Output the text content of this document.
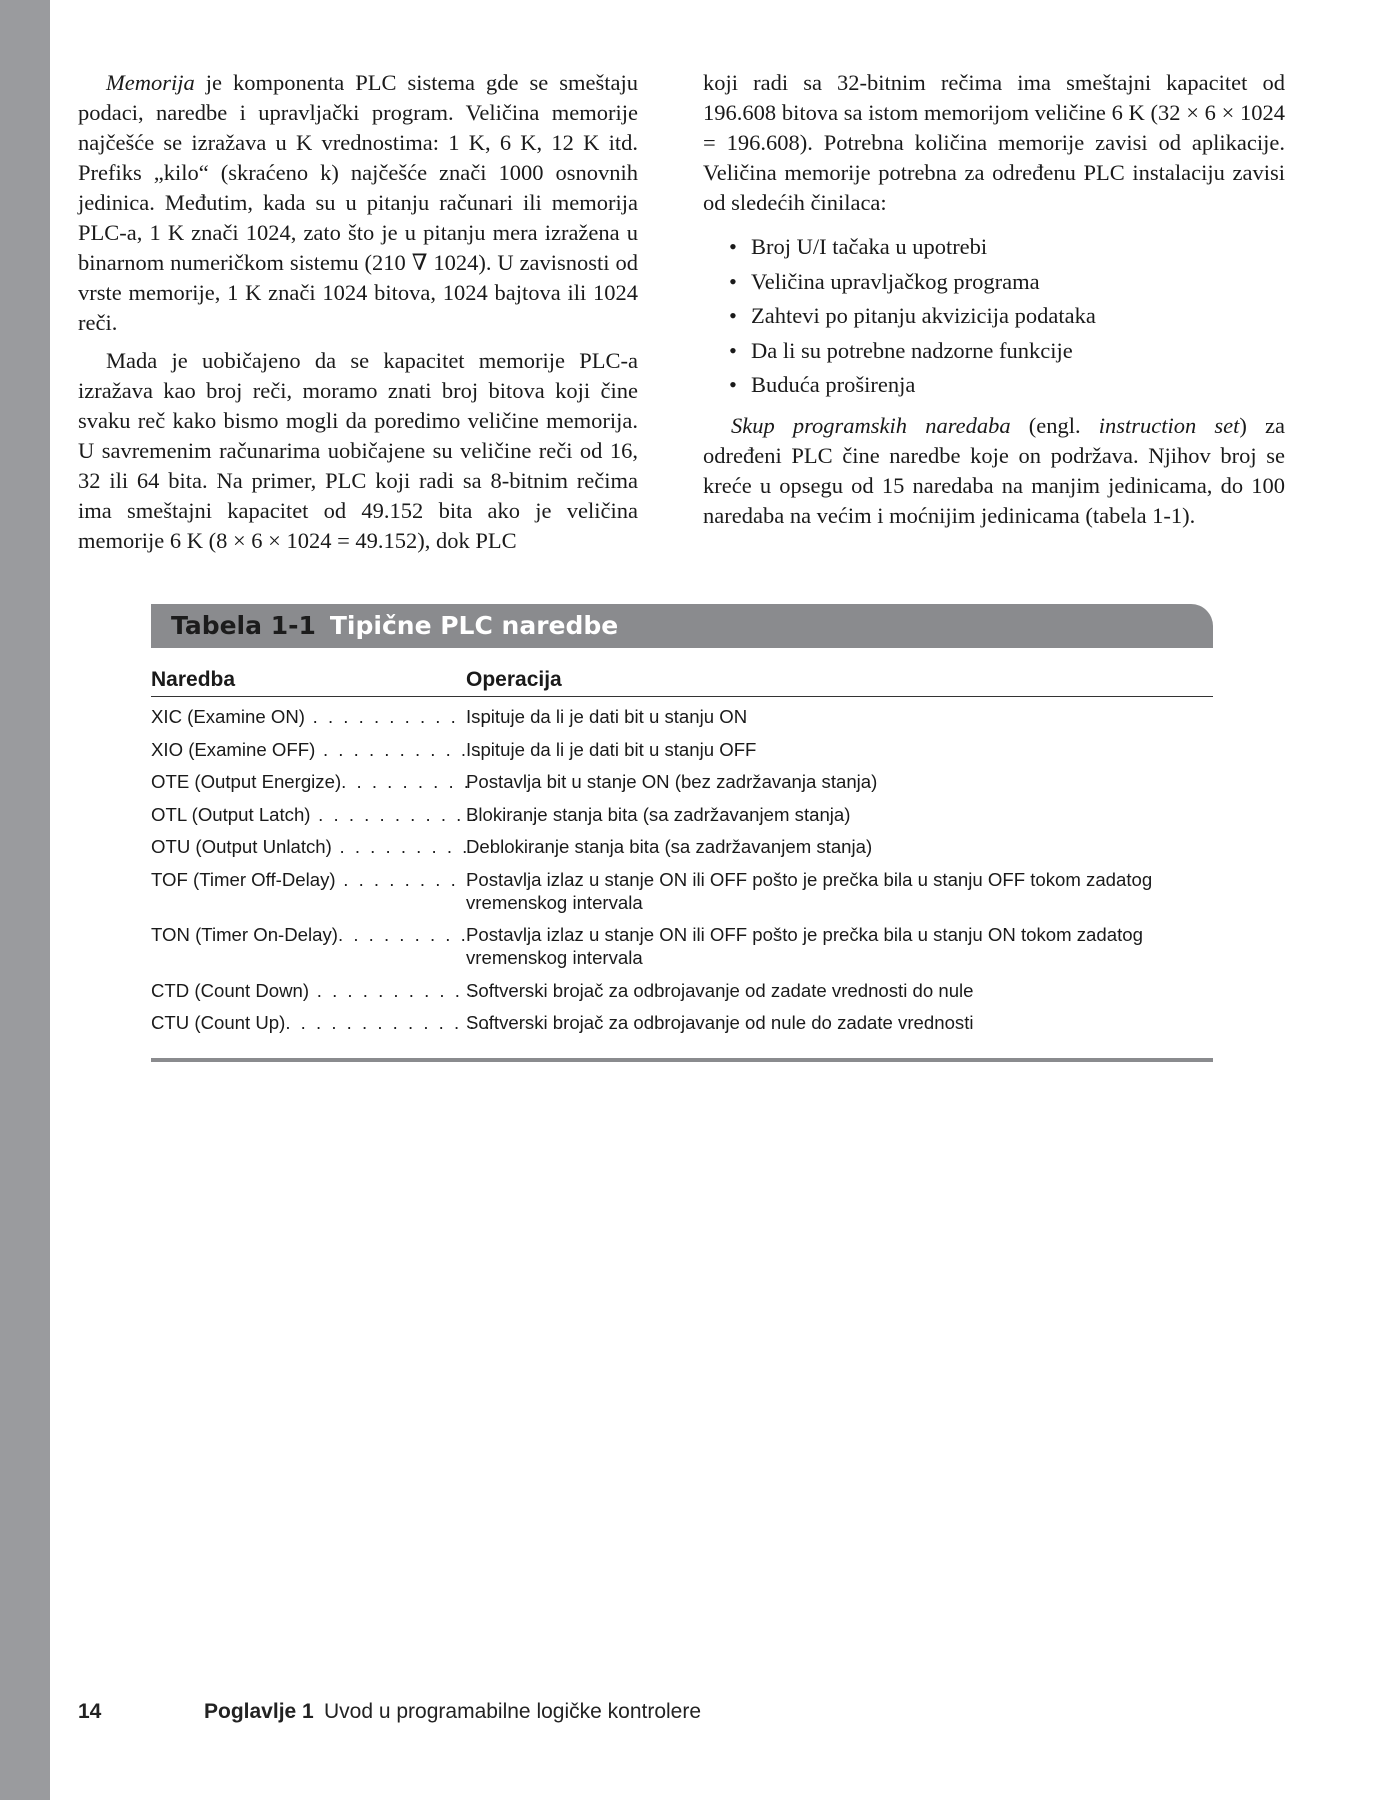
Memorija je komponenta PLC sistema gde se smeštaju podaci, naredbe i upravljački program. Veličina memorije najčešće se izražava u K vrednostima: 1 K, 6 K, 12 K itd. Prefiks „kilo“ (skraćeno k) najčešće znači 1000 osnovnih jedinica. Međutim, kada su u pitanju računari ili memorija PLC-a, 1 K znači 1024, zato što je u pitanju mera izražena u binarnom numeričkom sistemu (210 ∇ 1024). U zavisnosti od vrste memorije, 1 K znači 1024 bitova, 1024 bajtova ili 1024 reči.

Mada je uobičajeno da se kapacitet memorije PLC-a izražava kao broj reči, moramo znati broj bitova koji čine svaku reč kako bismo mogli da poredimo veličine memorija. U savremenim računarima uobičajene su veličine reči od 16, 32 ili 64 bita. Na primer, PLC koji radi sa 8-bitnim rečima ima smeštajni kapacitet od 49.152 bita ako je veličina memorije 6 K (8 × 6 × 1024 = 49.152), dok PLC

koji radi sa 32-bitnim rečima ima smeštajni kapacitet od 196.608 bitova sa istom memorijom veličine 6 K (32 × 6 × 1024 = 196.608). Potrebna količina memorije zavisi od aplikacije. Veličina memorije potrebna za određenu PLC instalaciju zavisi od sledećih činilaca:

• Broj U/I tačaka u upotrebi
• Veličina upravljačkog programa
• Zahtevi po pitanju akvizicija podataka
• Da li su potrebne nadzorne funkcije
• Buduća proširenja

Skup programskih naredaba (engl. instruction set) za određeni PLC čine naredbe koje on podržava. Njihov broj se kreće u opsegu od 15 naredaba na manjim jedinicama, do 100 naredaba na većim i moćnijim jedinicama (tabela 1-1).

Tabela 1-1 Tipične PLC naredbe
Naredba	Operacija
XIC (Examine ON) . . . . . . . . . . . .
Ispituje da li je dati bit u stanju ON
XIO (Examine OFF) . . . . . . . . . . .
Ispituje da li je dati bit u stanju OFF
OTE (Output Energize). . . . . . . . .
Postavlja bit u stanje ON (bez zadržavanja stanja)
OTL (Output Latch) . . . . . . . . . . .
Blokiranje stanja bita (sa zadržavanjem stanja)
OTU (Output Unlatch) . . . . . . . . .
Deblokiranje stanja bita (sa zadržavanjem stanja)
TOF (Timer Off-Delay) . . . . . . . . .
Postavlja izlaz u stanje ON ili OFF pošto je prečka bila u stanju OFF tokom zadatog vremenskog intervala
TON (Timer On-Delay). . . . . . . . .
Postavlja izlaz u stanje ON ili OFF pošto je prečka bila u stanju ON tokom zadatog vremenskog intervala
CTD (Count Down) . . . . . . . . . . .
Softverski brojač za odbrojavanje od zadate vrednosti do nule
CTU (Count Up). . . . . . . . . . . . . .
Softverski brojač za odbrojavanje od nule do zadate vrednosti
14	Poglavlje 1 Uvod u programabilne logičke kontrolere
